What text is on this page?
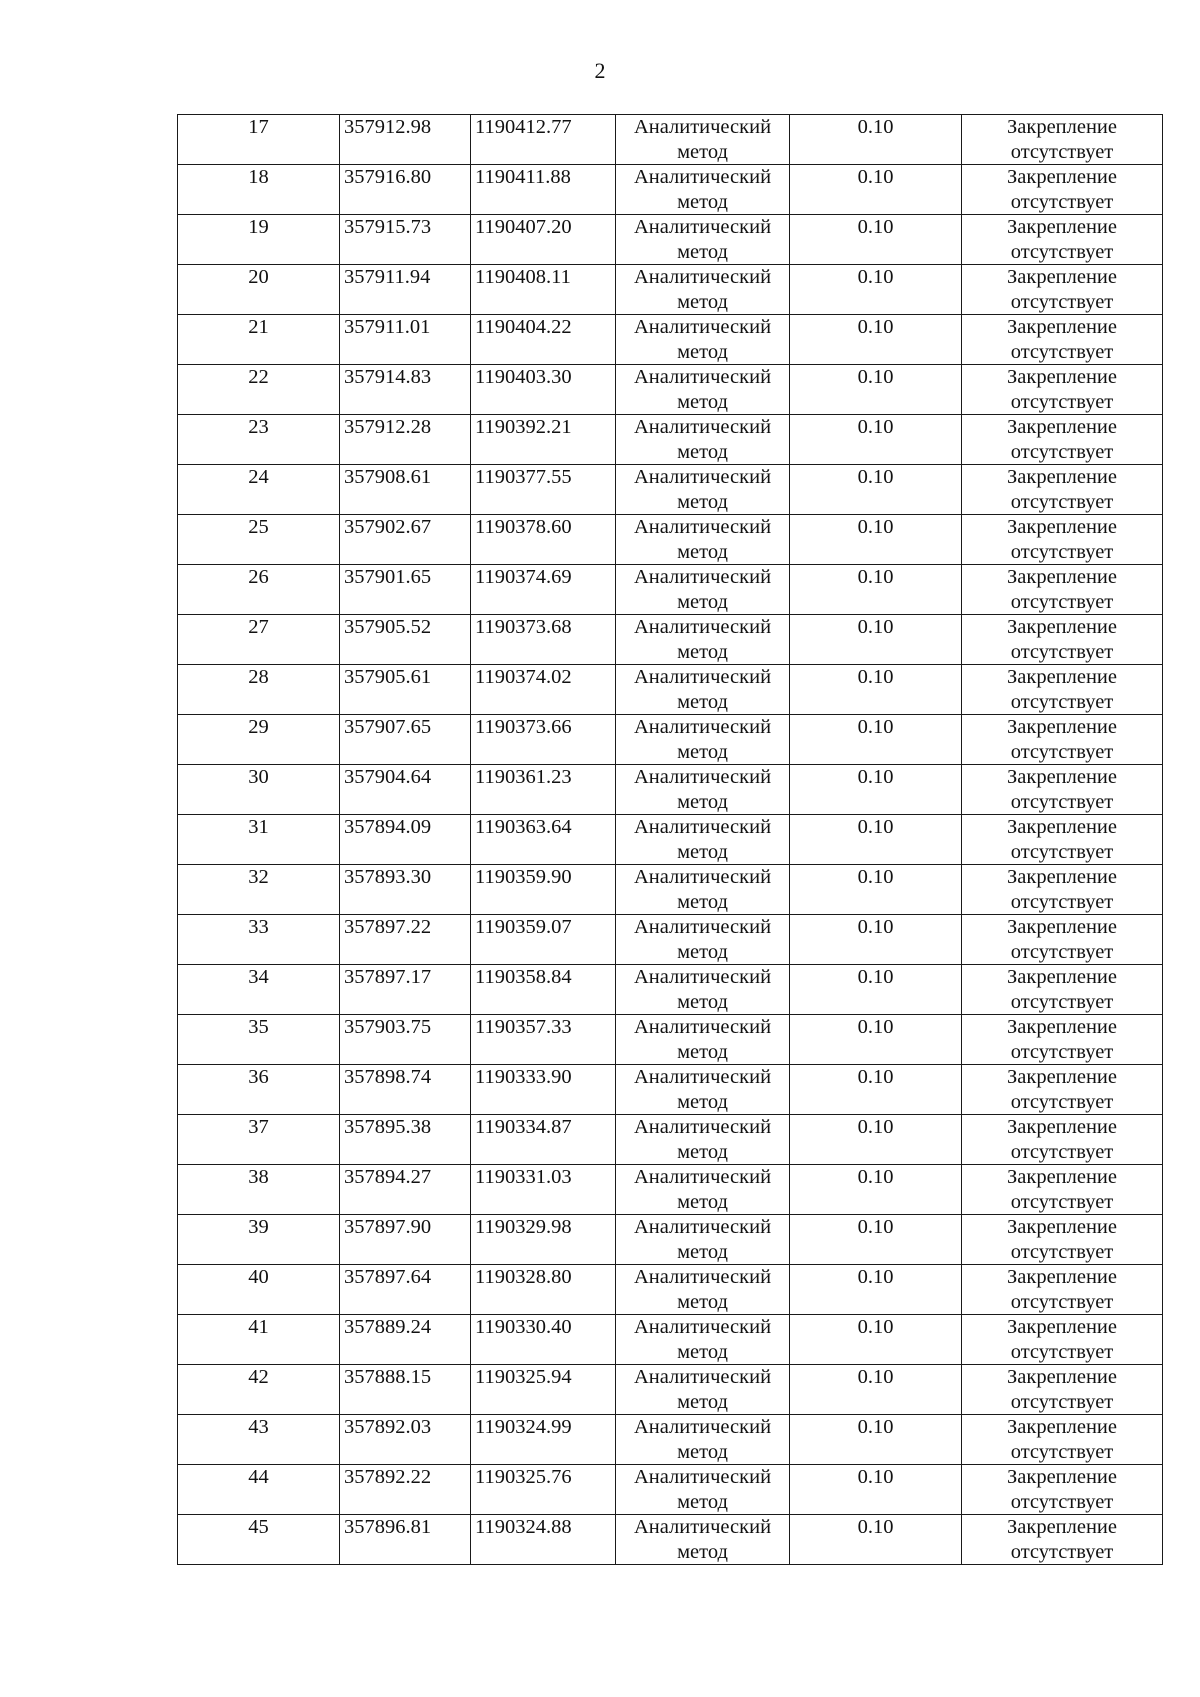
2
17	357912.98	1190412.77	Аналитический
метод	0.10	Закрепление
отсутствует

18	357916.80	1190411.88	Аналитический
метод	0.10	Закрепление
отсутствует

19	357915.73	1190407.20	Аналитический
метод	0.10	Закрепление
отсутствует

20	357911.94	1190408.11	Аналитический
метод	0.10	Закрепление
отсутствует

21	357911.01	1190404.22	Аналитический
метод	0.10	Закрепление
отсутствует

22	357914.83	1190403.30	Аналитический
метод	0.10	Закрепление
отсутствует

23	357912.28	1190392.21	Аналитический
метод	0.10	Закрепление
отсутствует

24	357908.61	1190377.55	Аналитический
метод	0.10	Закрепление
отсутствует

25	357902.67	1190378.60	Аналитический
метод	0.10	Закрепление
отсутствует

26	357901.65	1190374.69	Аналитический
метод	0.10	Закрепление
отсутствует

27	357905.52	1190373.68	Аналитический
метод	0.10	Закрепление
отсутствует

28	357905.61	1190374.02	Аналитический
метод	0.10	Закрепление
отсутствует

29	357907.65	1190373.66	Аналитический
метод	0.10	Закрепление
отсутствует

30	357904.64	1190361.23	Аналитический
метод	0.10	Закрепление
отсутствует

31	357894.09	1190363.64	Аналитический
метод	0.10	Закрепление
отсутствует

32	357893.30	1190359.90	Аналитический
метод	0.10	Закрепление
отсутствует

33	357897.22	1190359.07	Аналитический
метод	0.10	Закрепление
отсутствует

34	357897.17	1190358.84	Аналитический
метод	0.10	Закрепление
отсутствует

35	357903.75	1190357.33	Аналитический
метод	0.10	Закрепление
отсутствует

36	357898.74	1190333.90	Аналитический
метод	0.10	Закрепление
отсутствует

37	357895.38	1190334.87	Аналитический
метод	0.10	Закрепление
отсутствует

38	357894.27	1190331.03	Аналитический
метод	0.10	Закрепление
отсутствует

39	357897.90	1190329.98	Аналитический
метод	0.10	Закрепление
отсутствует

40	357897.64	1190328.80	Аналитический
метод	0.10	Закрепление
отсутствует

41	357889.24	1190330.40	Аналитический
метод	0.10	Закрепление
отсутствует

42	357888.15	1190325.94	Аналитический
метод	0.10	Закрепление
отсутствует

43	357892.03	1190324.99	Аналитический
метод	0.10	Закрепление
отсутствует

44	357892.22	1190325.76	Аналитический
метод	0.10	Закрепление
отсутствует

45	357896.81	1190324.88	Аналитический
метод	0.10	Закрепление
отсутствует
